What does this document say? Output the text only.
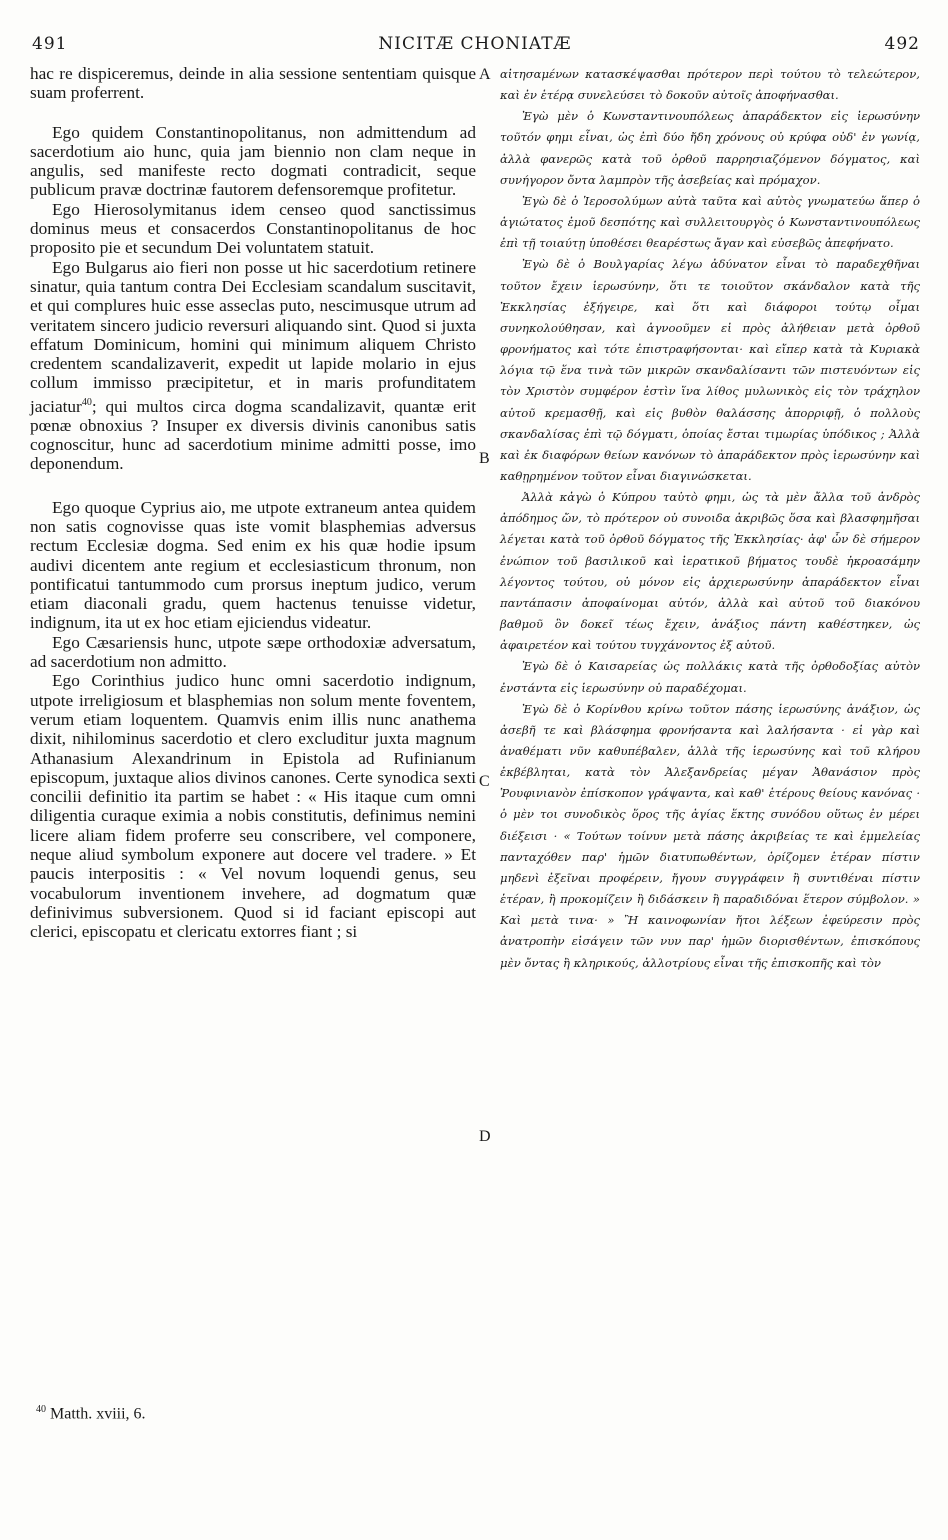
491	NICITÆ CHONIATÆ	492
A
B
C
D

hac re dispiceremus, deinde in alia sessione sententiam quisque suam proferrent.

Ego quidem Constantinopolitanus, non admittendum ad sacerdotium aio hunc, quia jam biennio non clam neque in angulis, sed manifeste recto dogmati contradicit, seque publicum pravæ doctrinæ fautorem defensoremque profitetur.

Ego Hierosolymitanus idem censeo quod sanctissimus dominus meus et consacerdos Constantinopolitanus de hoc proposito pie et secundum Dei voluntatem statuit.

Ego Bulgarus aio fieri non posse ut hic sacerdotium retinere sinatur, quia tantum contra Dei Ecclesiam scandalum suscitavit, et qui complures huic esse asseclas puto, nescimusque utrum ad veritatem sincero judicio reversuri aliquando sint. Quod si juxta effatum Dominicum, homini qui minimum aliquem Christo credentem scandalizaverit, expedit ut lapide molario in ejus collum immisso præcipitetur, et in maris profunditatem jaciatur$^{40}$; qui multos circa dogma scandalizavit, quantæ erit pœnæ obnoxius ? Insuper ex diversis divinis canonibus satis cognoscitur, hunc ad sacerdotium minime admitti posse, imo deponendum.

Ego quoque Cyprius aio, me utpote extraneum antea quidem non satis cognovisse quas iste vomit blasphemias adversus rectum Ecclesiæ dogma. Sed enim ex his quæ hodie ipsum audivi dicentem ante regium et ecclesiasticum thronum, non pontificatui tantummodo cum prorsus ineptum judico, verum etiam diaconali gradu, quem hactenus tenuisse videtur, indignum, ita ut ex hoc etiam ejiciendus videatur.

Ego Cæsariensis hunc, utpote sæpe orthodoxiæ adversatum, ad sacerdotium non admitto.

Ego Corinthius judico hunc omni sacerdotio indignum, utpote irreligiosum et blasphemias non solum mente foventem, verum etiam loquentem. Quamvis enim illis nunc anathema dixit, nihilominus sacerdotio et clero excluditur juxta magnum Athanasium Alexandrinum in Epistola ad Rufinianum episcopum, juxtaque alios divinos canones. Certe synodica sexti concilii definitio ita partim se habet : « His itaque cum omni diligentia curaque eximia a nobis constitutis, definimus nemini licere aliam fidem proferre seu conscribere, vel componere, neque aliud symbolum exponere aut docere vel tradere. » Et paucis interpositis : « Vel novum loquendi genus, seu vocabulorum inventionem invehere, ad dogmatum quæ definivimus subversionem. Quod si id faciant episcopi aut clerici, episcopatu et clericatu extorres fiant ; si

αἰτησαμένων κατασκέψασθαι πρότερον περὶ τούτου τὸ τελεώτερον, καὶ ἐν ἑτέρᾳ συνελεύσει τὸ δοκοῦν αὐτοῖς ἀποφήνασθαι.

Ἐγὼ μὲν ὁ Κωνσταντινουπόλεως ἀπαράδεκτον εἰς ἱερωσύνην τοῦτόν φημι εἶναι, ὡς ἐπὶ δύο ἤδη χρόνους οὐ κρύφα οὐδ' ἐν γωνίᾳ, ἀλλὰ φανερῶς κατὰ τοῦ ὀρθοῦ παρρησιαζόμενον δόγματος, καὶ συνήγορον ὄντα λαμπρὸν τῆς ἀσεβείας καὶ πρόμαχον.

Ἐγὼ δὲ ὁ Ἱεροσολύμων αὐτὰ ταῦτα καὶ αὐτὸς γνωματεύω ἅπερ ὁ ἁγιώτατος ἐμοῦ δεσπότης καὶ συλλειτουργὸς ὁ Κωνσταντινουπόλεως ἐπὶ τῇ τοιαύτῃ ὑποθέσει θεαρέστως ἄγαν καὶ εὐσεβῶς ἀπεφήνατο.

Ἐγὼ δὲ ὁ Βουλγαρίας λέγω ἀδύνατον εἶναι τὸ παραδεχθῆναι τοῦτον ἔχειν ἱερωσύνην, ὅτι τε τοιοῦτον σκάνδαλον κατὰ τῆς Ἐκκλησίας ἐξήγειρε, καὶ ὅτι καὶ διάφοροι τούτῳ οἶμαι συνηκολούθησαν, καὶ ἀγνοοῦμεν εἰ πρὸς ἀλήθειαν μετὰ ὀρθοῦ φρονήματος καὶ τότε ἐπιστραφήσονται· καὶ εἴπερ κατὰ τὰ Κυριακὰ λόγια τῷ ἕνα τινὰ τῶν μικρῶν σκανδαλίσαντι τῶν πιστευόντων εἰς τὸν Χριστὸν συμφέρον ἐστὶν ἵνα λίθος μυλωνικὸς εἰς τὸν τράχηλον αὐτοῦ κρεμασθῇ, καὶ εἰς βυθὸν θαλάσσης ἀπορριφῇ, ὁ πολλοὺς σκανδαλίσας ἐπὶ τῷ δόγματι, ὁποίας ἔσται τιμωρίας ὑπόδικος ; Ἀλλὰ καὶ ἐκ διαφόρων θείων κανόνων τὸ ἀπαράδεκτον πρὸς ἱερωσύνην καὶ καθῃρημένον τοῦτον εἶναι διαγινώσκεται.

Ἀλλὰ κἀγὼ ὁ Κύπρου ταὐτὸ φημι, ὡς τὰ μὲν ἄλλα τοῦ ἀνδρὸς ἀπόδημος ὤν, τὸ πρότερον οὐ συνοιδα ἀκριβῶς ὅσα καὶ βλασφημῆσαι λέγεται κατὰ τοῦ ὀρθοῦ δόγματος τῆς Ἐκκλησίας· ἀφ' ὧν δὲ σήμερον ἐνώπιον τοῦ βασιλικοῦ καὶ ἱερατικοῦ βήματος τουδὲ ἠκροασάμην λέγοντος τούτου, οὐ μόνον εἰς ἀρχιερωσύνην ἀπαράδεκτον εἶναι παντάπασιν ἀποφαίνομαι αὐτόν, ἀλλὰ καὶ αὐτοῦ τοῦ διακόνου βαθμοῦ ὃν δοκεῖ τέως ἔχειν, ἀνάξιος πάντη καθέστηκεν, ὡς ἀφαιρετέον καὶ τούτου τυγχάνοντος ἐξ αὐτοῦ.

Ἐγὼ δὲ ὁ Καισαρείας ὡς πολλάκις κατὰ τῆς ὀρθοδοξίας αὐτὸν ἐνστάντα εἰς ἱερωσύνην οὐ παραδέχομαι.

Ἐγὼ δὲ ὁ Κορίνθου κρίνω τοῦτον πάσης ἱερωσύνης ἀνάξιον, ὡς ἀσεβῆ τε καὶ βλάσφημα φρονήσαντα καὶ λαλήσαντα · εἰ γὰρ καὶ ἀναθέματι νῦν καθυπέβαλεν, ἀλλὰ τῆς ἱερωσύνης καὶ τοῦ κλήρου ἐκβέβληται, κατὰ τὸν Ἀλεξανδρείας μέγαν Ἀθανάσιον πρὸς Ῥουφινιανὸν ἐπίσκοπον γράψαντα, καὶ καθ' ἑτέρους θείους κανόνας · ὁ μὲν τοι συνοδικὸς ὅρος τῆς ἁγίας ἕκτης συνόδου οὕτως ἐν μέρει διέξεισι · « Τούτων τοίνυν μετὰ πάσης ἀκριβείας τε καὶ ἐμμελείας πανταχόθεν παρ' ἡμῶν διατυπωθέντων, ὁρίζομεν ἑτέραν πίστιν μηδενὶ ἐξεῖναι προφέρειν, ἤγουν συγγράφειν ἢ συντιθέναι πίστιν ἑτέραν, ἢ προκομίζειν ἢ διδάσκειν ἢ παραδιδόναι ἕτερον σύμβολον. » Καὶ μετὰ τινα· » Ἢ καινοφωνίαν ἤτοι λέξεων ἐφεύρεσιν πρὸς ἀνατροπὴν εἰσάγειν τῶν νυν παρ' ἡμῶν διορισθέντων, ἐπισκόπους μὲν ὄντας ἢ κληρικούς, ἀλλοτρίους εἶναι τῆς ἐπισκοπῆς καὶ τὸν

$^{40}$ Matth. xviii, 6.
